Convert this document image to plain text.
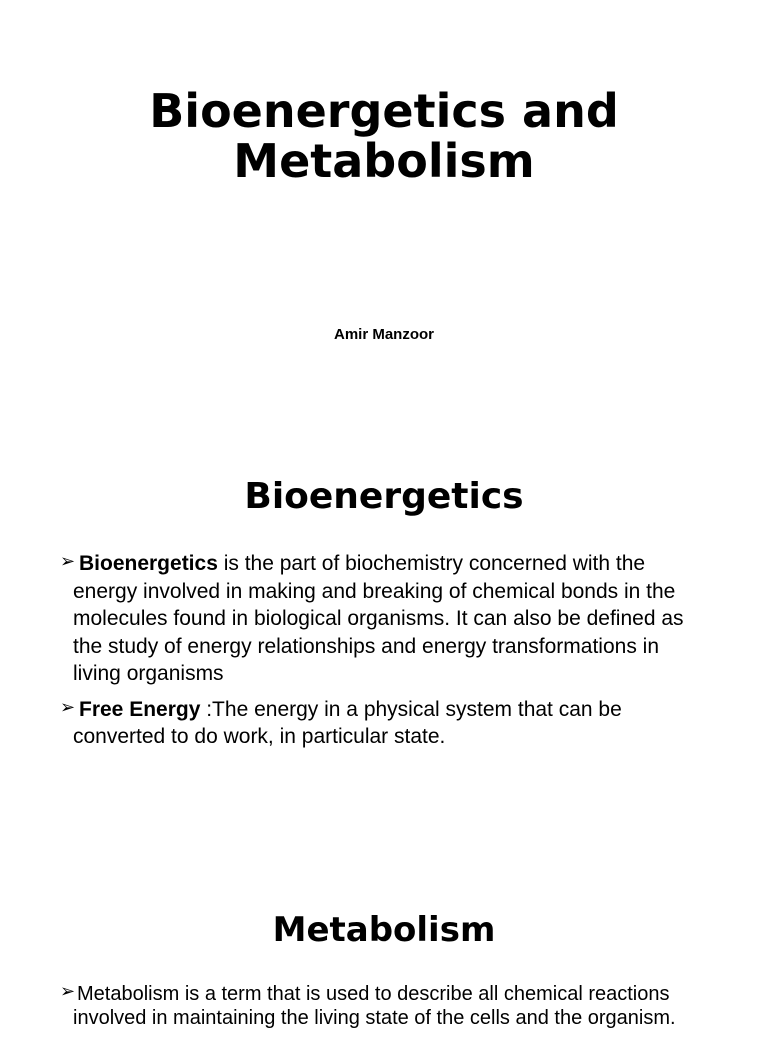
Bioenergetics and
Metabolism
Amir Manzoor
Bioenergetics
➢ Bioenergetics is the part of biochemistry concerned with the energy involved in making and breaking of chemical bonds in the molecules found in biological organisms. It can also be defined as the study of energy relationships and energy transformations in living organisms
➢ Free Energy :The energy in a physical system that can be converted to do work, in particular state.
Metabolism
➢ Metabolism is a term that is used to describe all chemical reactions involved in maintaining the living state of the cells and the organism.
